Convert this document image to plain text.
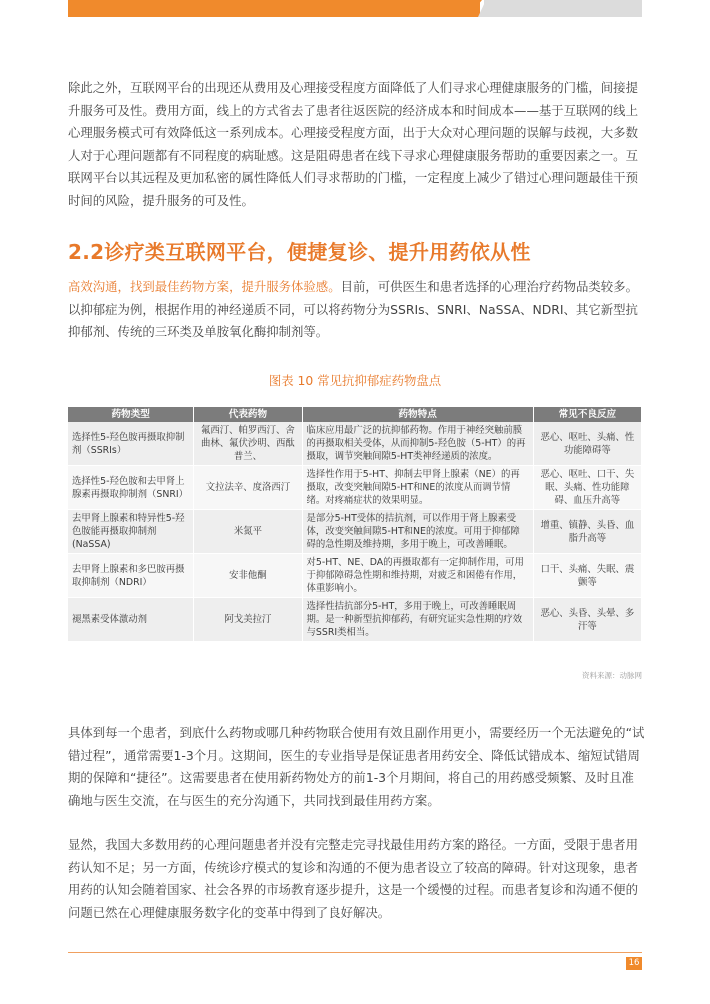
除此之外，互联网平台的出现还从费用及心理接受程度方面降低了人们寻求心理健康服务的门槛，间接提升服务可及性。费用方面，线上的方式省去了患者往返医院的经济成本和时间成本——基于互联网的线上心理服务模式可有效降低这一系列成本。心理接受程度方面，出于大众对心理问题的误解与歧视，大多数人对于心理问题都有不同程度的病耻感。这是阻碍患者在线下寻求心理健康服务帮助的重要因素之一。互联网平台以其远程及更加私密的属性降低人们寻求帮助的门槛，一定程度上减少了错过心理问题最佳干预时间的风险，提升服务的可及性。

2.2诊疗类互联网平台，便捷复诊、提升用药依从性

高效沟通，找到最佳药物方案，提升服务体验感。目前，可供医生和患者选择的心理治疗药物品类较多。以抑郁症为例，根据作用的神经递质不同，可以将药物分为SSRIs、SNRI、NaSSA、NDRI、其它新型抗抑郁剂、传统的三环类及单胺氧化酶抑制剂等。

图表 10 常见抗抑郁症药物盘点
药物类型	代表药物	药物特点	常见不良反应
选择性5-羟色胺再摄取抑制剂（SSRIs）	氟西汀、帕罗西汀、舍曲林、氟伏沙明、西酞普兰、	临床应用最广泛的抗抑郁药物。作用于神经突触前膜的再摄取相关受体，从而抑制5-羟色胺（5-HT）的再摄取，调节突触间隙5-HT类神经递质的浓度。	恶心、呕吐、头痛、性功能障碍等
选择性5-羟色胺和去甲肾上腺素再摄取抑制剂（SNRI）	文拉法辛、度洛西汀	选择性作用于5-HT、抑制去甲肾上腺素（NE）的再摄取，改变突触间隙5-HT和NE的浓度从而调节情绪。对疼痛症状的效果明显。	恶心、呕吐、口干、失眠、头痛、性功能障碍、血压升高等
去甲肾上腺素和特异性5-羟色胺能再摄取抑制剂(NaSSA)	米氮平	是部分5-HT受体的拮抗剂，可以作用于肾上腺素受体，改变突触间隙5-HT和NE的浓度。可用于抑郁障碍的急性期及维持期，多用于晚上，可改善睡眠。	增重、镇静、头昏、血脂升高等
去甲肾上腺素和多巴胺再摄取抑制剂（NDRI）	安非他酮	对5-HT、NE、DA的再摄取都有一定抑制作用，可用于抑郁障碍急性期和维持期，对疲乏和困倦有作用，体重影响小。	口干、头痛、失眠、震颤等
褪黑素受体激动剂	阿戈美拉汀	选择性拮抗部分5-HT，多用于晚上，可改善睡眠周期。是一种新型抗抑郁药，有研究证实急性期的疗效与SSRI类相当。	恶心、头昏、头晕、多汗等
资料来源：动脉网

具体到每一个患者，到底什么药物或哪几种药物联合使用有效且副作用更小，需要经历一个无法避免的“试错过程”，通常需要1-3个月。这期间，医生的专业指导是保证患者用药安全、降低试错成本、缩短试错周期的保障和“捷径”。这需要患者在使用新药物处方的前1-3个月期间，将自己的用药感受频繁、及时且准确地与医生交流，在与医生的充分沟通下，共同找到最佳用药方案。

显然，我国大多数用药的心理问题患者并没有完整走完寻找最佳用药方案的路径。一方面，受限于患者用药认知不足；另一方面，传统诊疗模式的复诊和沟通的不便为患者设立了较高的障碍。针对这现象，患者用药的认知会随着国家、社会各界的市场教育逐步提升，这是一个缓慢的过程。而患者复诊和沟通不便的问题已然在心理健康服务数字化的变革中得到了良好解决。

16
